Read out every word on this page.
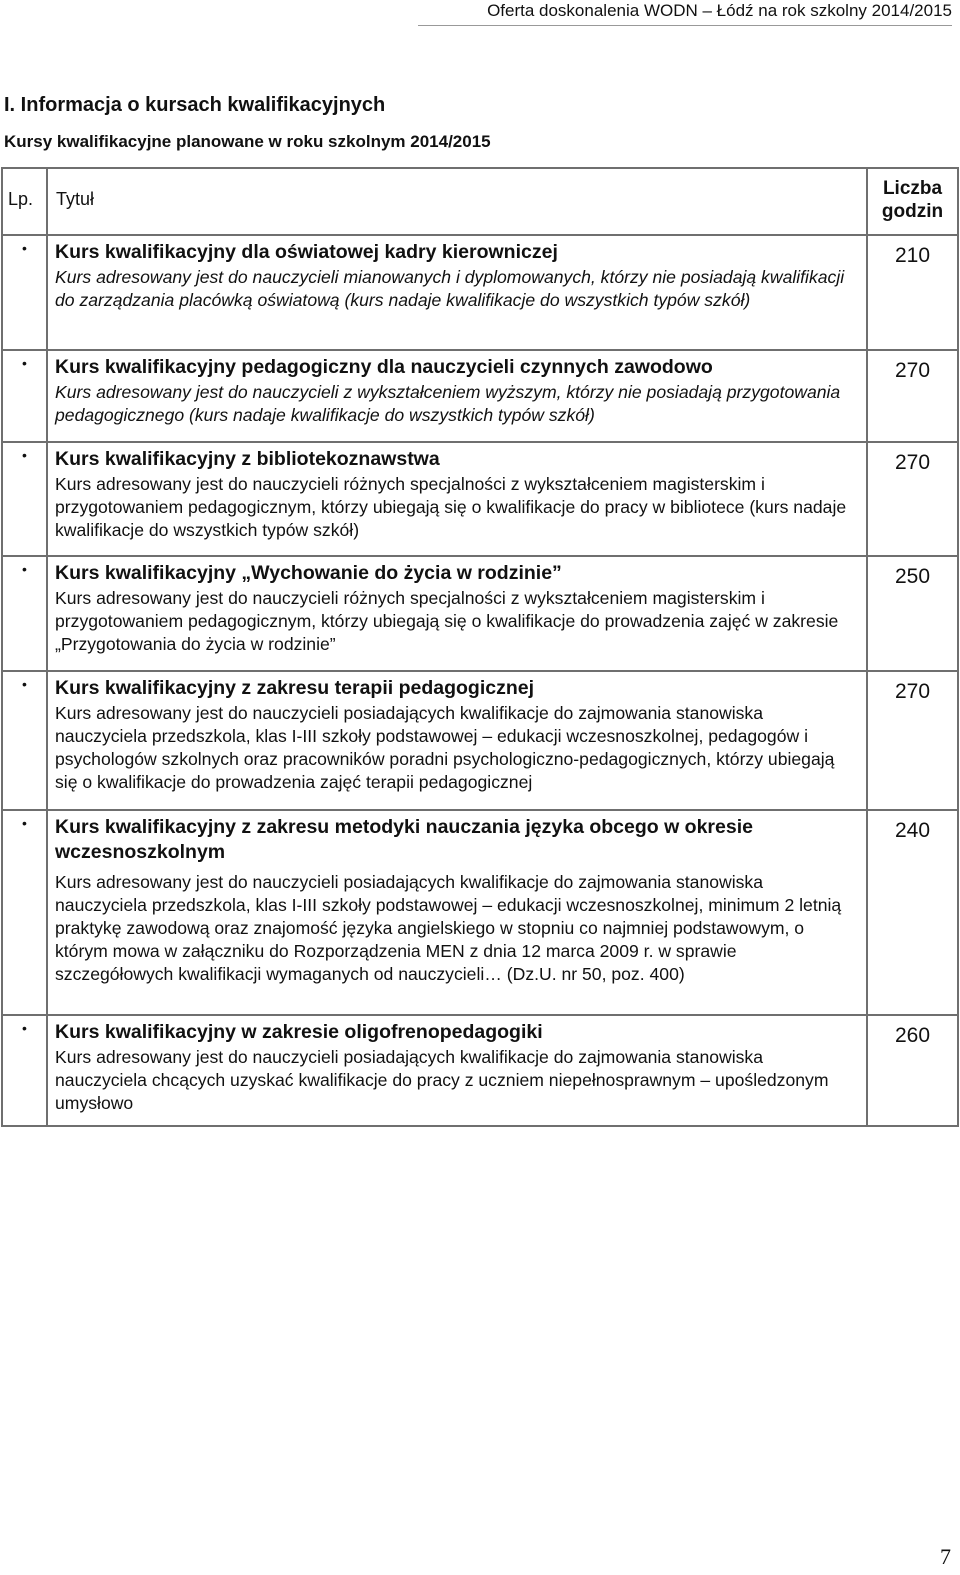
Oferta doskonalenia WODN – Łódź na rok szkolny 2014/2015
I. Informacja o kursach kwalifikacyjnych
Kursy kwalifikacyjne planowane w roku szkolnym 2014/2015
Lp.	Tytuł	Liczba godzin
•	Kurs kwalifikacyjny dla oświatowej kadry kierowniczej
Kurs adresowany jest do nauczycieli mianowanych i dyplomowanych, którzy nie posiadają kwalifikacji do zarządzania placówką oświatową (kurs nadaje kwalifikacje do wszystkich typów szkół)	210
•	Kurs kwalifikacyjny pedagogiczny dla nauczycieli czynnych zawodowo
Kurs adresowany jest do nauczycieli z wykształceniem wyższym, którzy nie posiadają przygotowania pedagogicznego (kurs nadaje kwalifikacje do wszystkich typów szkół)	270
•	Kurs kwalifikacyjny z bibliotekoznawstwa
Kurs adresowany jest do nauczycieli różnych specjalności z wykształceniem magisterskim i przygotowaniem pedagogicznym, którzy ubiegają się o kwalifikacje do pracy w bibliotece (kurs nadaje kwalifikacje do wszystkich typów szkół)	270
•	Kurs kwalifikacyjny „Wychowanie do życia w rodzinie”
Kurs adresowany jest do nauczycieli różnych specjalności z wykształceniem magisterskim i przygotowaniem pedagogicznym, którzy ubiegają się o kwalifikacje do prowadzenia zajęć w zakresie „Przygotowania do życia w rodzinie”	250
•	Kurs kwalifikacyjny z zakresu terapii pedagogicznej
Kurs adresowany jest do nauczycieli posiadających kwalifikacje do zajmowania stanowiska nauczyciela przedszkola, klas I-III szkoły podstawowej – edukacji wczesnoszkolnej, pedagogów i psychologów szkolnych oraz pracowników poradni psychologiczno-pedagogicznych, którzy ubiegają się o kwalifikacje do prowadzenia zajęć terapii pedagogicznej	270
•	Kurs kwalifikacyjny z zakresu metodyki nauczania języka obcego w okresie wczesnoszkolnym
Kurs adresowany jest do nauczycieli posiadających kwalifikacje do zajmowania stanowiska nauczyciela przedszkola, klas I-III szkoły podstawowej – edukacji wczesnoszkolnej, minimum 2 letnią praktykę zawodową oraz znajomość języka angielskiego w stopniu co najmniej podstawowym, o którym mowa w załączniku do Rozporządzenia MEN z dnia 12 marca 2009 r. w sprawie szczegółowych kwalifikacji wymaganych od nauczycieli… (Dz.U. nr 50, poz. 400)	240
•	Kurs kwalifikacyjny w zakresie oligofrenopedagogiki
Kurs adresowany jest do nauczycieli posiadających kwalifikacje do zajmowania stanowiska nauczyciela chcących uzyskać kwalifikacje do pracy z uczniem niepełnosprawnym – upośledzonym umysłowo	260
7
